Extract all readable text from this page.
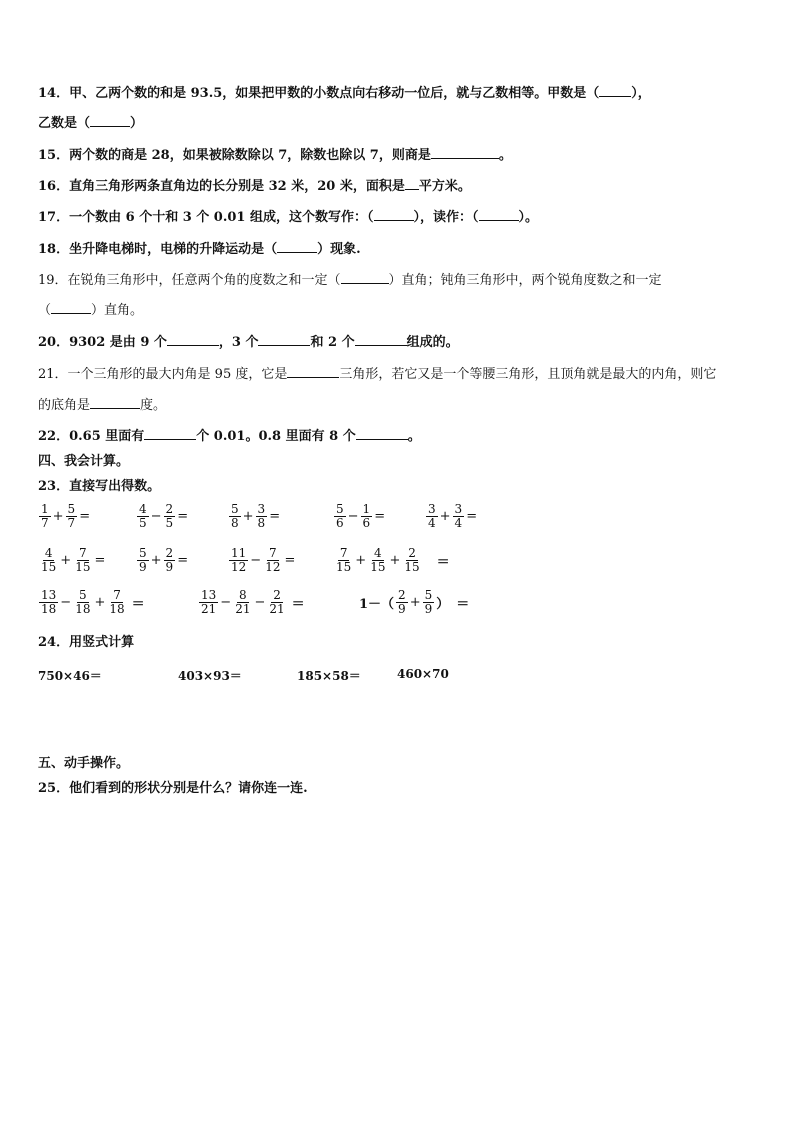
14．甲、乙两个数的和是 93.5，如果把甲数的小数点向右移动一位后，就与乙数相等。甲数是（ ），
乙数是（	）
15．两个数的商是 28，如果被除数除以 7，除数也除以 7，则商是	。
16．直角三角形两条直角边的长分别是 32 米，20 米，面积是 平方米。
17．一个数由 6 个十和 3 个 0.01 组成，这个数写作：（	），读作：（	）。
18．坐升降电梯时，电梯的升降运动是（	）现象.
19．在锐角三角形中，任意两个角的度数之和一定（	）直角；钝角三角形中，两个锐角度数之和一定
（	）直角。
20．9302 是由 9 个	，3 个	和 2 个	组成的。
21．一个三角形的最大内角是 95 度，它是	三角形，若它又是一个等腰三角形，且顶角就是最大的内角，则它
的底角是	度。
22．0.65 里面有	个 0.01。0.8 里面有 8 个	。
四、我会计算。
23．直接写出得数。
$\frac{1}{7} + \frac{5}{7}$ =	$\frac{4}{5} - \frac{2}{5}$ =	$\frac{5}{8} + \frac{3}{8}$ =	$\frac{5}{6} - \frac{1}{6}$ =	$\frac{3}{4} + \frac{3}{4}$ =
$\frac{4}{15} + \frac{7}{15}$ =	$\frac{5}{9} + \frac{2}{9}$ =	$\frac{11}{12} - \frac{7}{12}$ =	$\frac{7}{15} + \frac{4}{15} + \frac{2}{15}$ ＝
$\frac{13}{18} - \frac{5}{18} + \frac{7}{18}$ ＝	$\frac{13}{21} - \frac{8}{21} - \frac{2}{21}$ ＝	$1-( \frac{2}{9} + \frac{5}{9}$ ） ＝
24．用竖式计算
750×46＝	403×93＝	185×58＝	460×70
五、动手操作。
25．他们看到的形状分别是什么？请你连一连.
